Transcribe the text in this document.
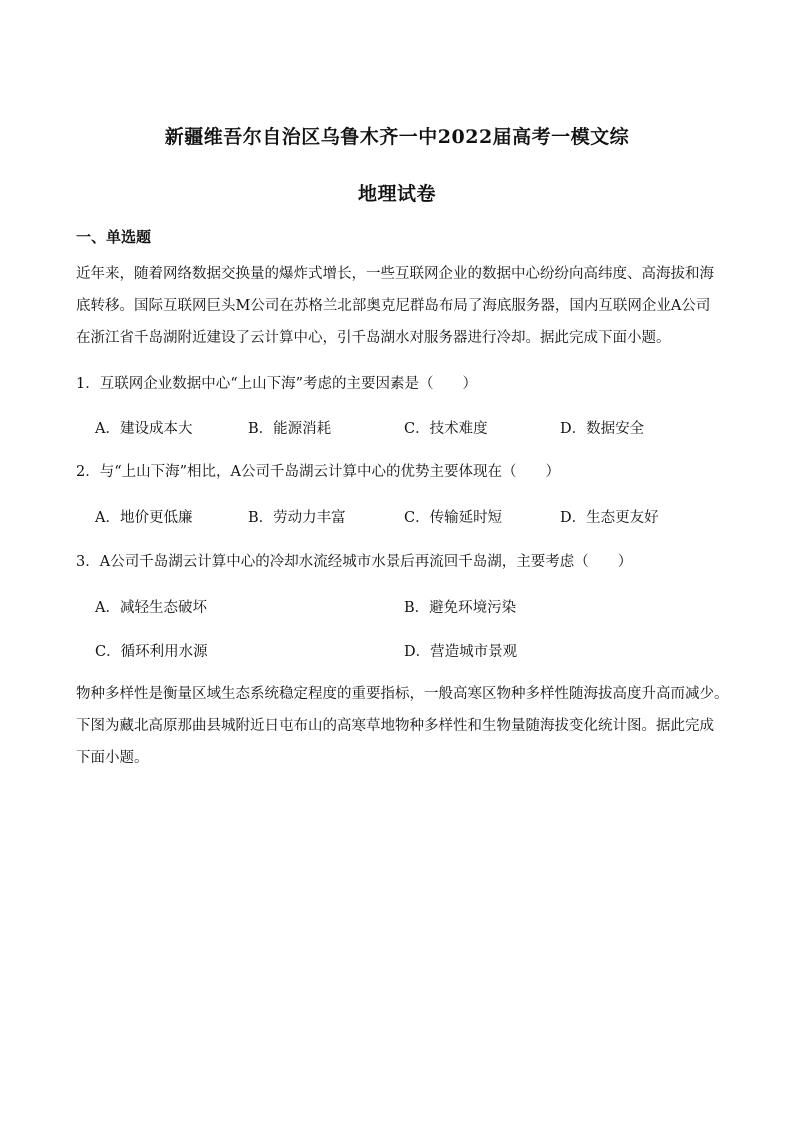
新疆维吾尔自治区乌鲁木齐一中2022届高考一模文综
地理试卷
一、单选题

近年来，随着网络数据交换量的爆炸式增长，一些互联网企业的数据中心纷纷向高纬度、高海拔和海
底转移。国际互联网巨头M公司在苏格兰北部奥克尼群岛布局了海底服务器，国内互联网企业A公司
在浙江省千岛湖附近建设了云计算中心，引千岛湖水对服务器进行冷却。据此完成下面小题。

1．互联网企业数据中心“上山下海”考虑的主要因素是（　　）
A．建设成本大	B．能源消耗	C．技术难度	D．数据安全
2．与“上山下海”相比，A公司千岛湖云计算中心的优势主要体现在（　　）
A．地价更低廉	B．劳动力丰富	C．传输延时短	D．生态更友好
3．A公司千岛湖云计算中心的冷却水流经城市水景后再流回千岛湖，主要考虑（　　）
A．减轻生态破坏	B．避免环境污染
C．循环利用水源	D．营造城市景观

物种多样性是衡量区域生态系统稳定程度的重要指标，一般高寒区物种多样性随海拔高度升高而减少。
下图为藏北高原那曲县城附近日屯布山的高寒草地物种多样性和生物量随海拔变化统计图。据此完成
下面小题。
